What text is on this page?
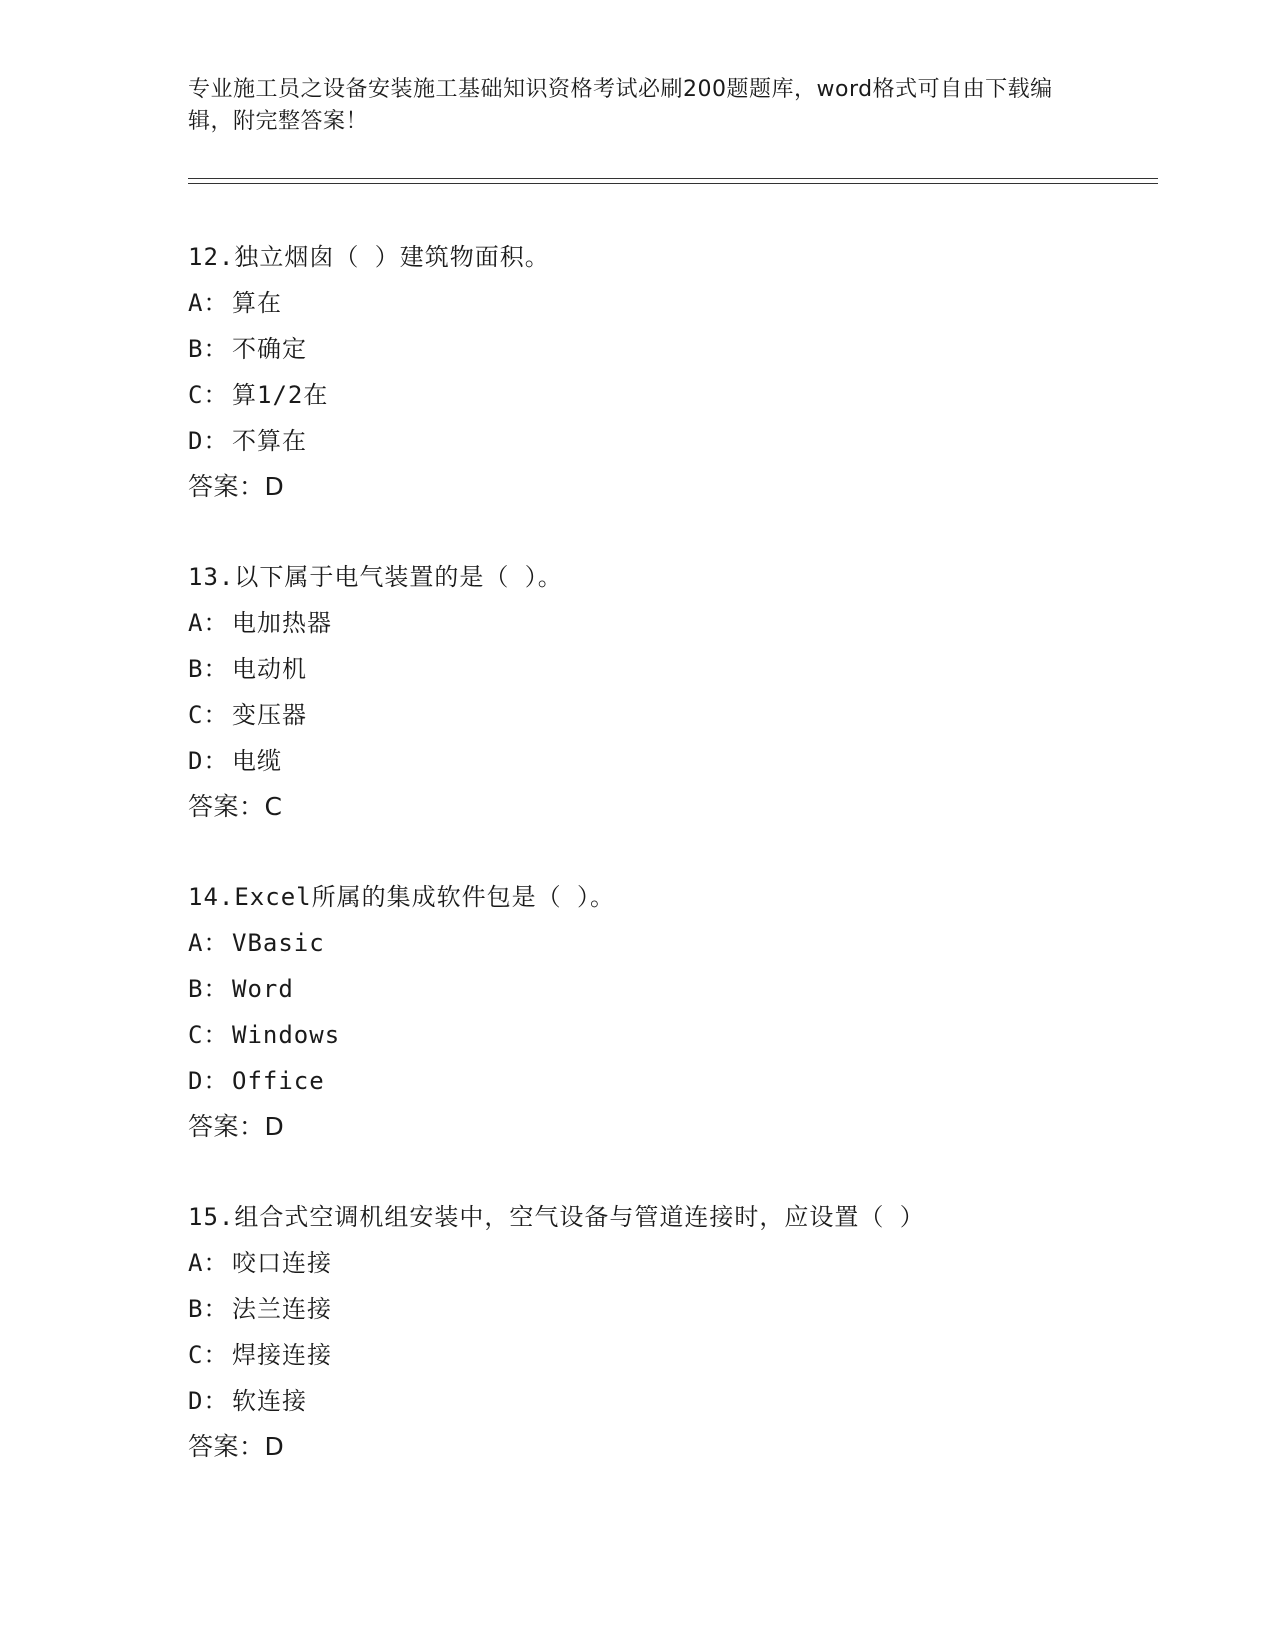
专业施工员之设备安装施工基础知识资格考试必刷200题题库，word格式可自由下载编辑，附完整答案！
12.独立烟囱（ ）建筑物面积。
A： 算在
B： 不确定
C： 算1/2在
D： 不算在
答案：D
13.以下属于电气装置的是（ ）。
A： 电加热器
B： 电动机
C： 变压器
D： 电缆
答案：C
14.Excel所属的集成软件包是（ ）。
A： VBasic
B： Word
C： Windows
D： Office
答案：D
15.组合式空调机组安装中，空气设备与管道连接时，应设置（ ）
A： 咬口连接
B： 法兰连接
C： 焊接连接
D： 软连接
答案：D
